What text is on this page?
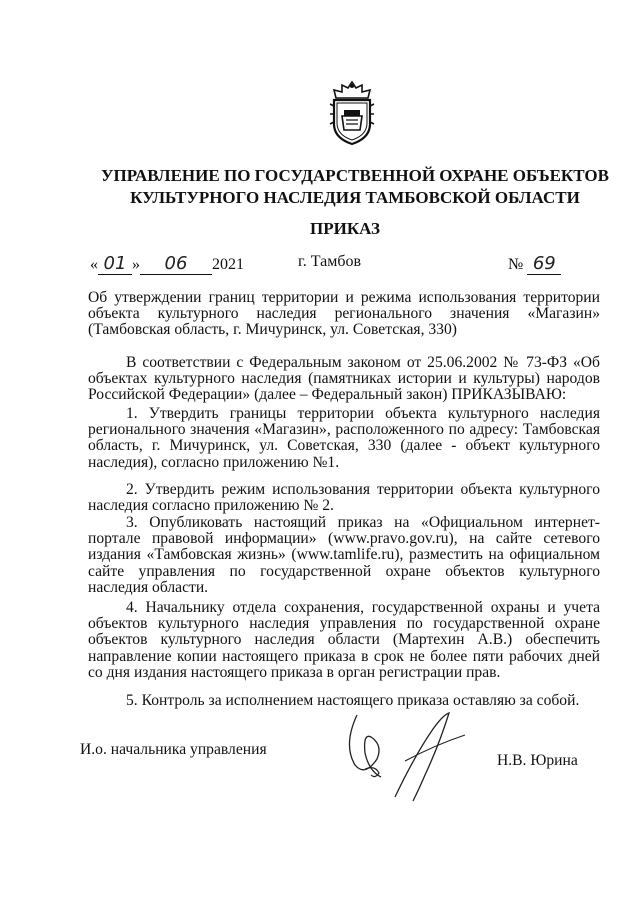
УПРАВЛЕНИЕ ПО ГОСУДАРСТВЕННОЙ ОХРАНЕ ОБЪЕКТОВ
КУЛЬТУРНОГО НАСЛЕДИЯ ТАМБОВСКОЙ ОБЛАСТИ
ПРИКАЗ
« 01 » 06 2021	г. Тамбов	№ 69

Об утверждении границ территории и режима использования территории объекта культурного наследия регионального значения «Магазин» (Тамбовская область, г. Мичуринск, ул. Советская, 330)

В соответствии с Федеральным законом от 25.06.2002 № 73-ФЗ «Об объектах культурного наследия (памятниках истории и культуры) народов Российской Федерации» (далее – Федеральный закон) ПРИКАЗЫВАЮ:

1. Утвердить границы территории объекта культурного наследия регионального значения «Магазин», расположенного по адресу: Тамбовская область, г. Мичуринск, ул. Советская, 330 (далее - объект культурного наследия), согласно приложению №1.

2. Утвердить режим использования территории объекта культурного наследия согласно приложению № 2.

3. Опубликовать настоящий приказ на «Официальном интернет-портале правовой информации» (www.pravo.gov.ru), на сайте сетевого издания «Тамбовская жизнь» (www.tamlife.ru), разместить на официальном сайте управления по государственной охране объектов культурного наследия области.

4. Начальнику отдела сохранения, государственной охраны и учета объектов культурного наследия управления по государственной охране объектов культурного наследия области (Мартехин А.В.) обеспечить направление копии настоящего приказа в срок не более пяти рабочих дней со дня издания настоящего приказа в орган регистрации прав.

5. Контроль за исполнением настоящего приказа оставляю за собой.

И.о. начальника управления
Н.В. Юрина
